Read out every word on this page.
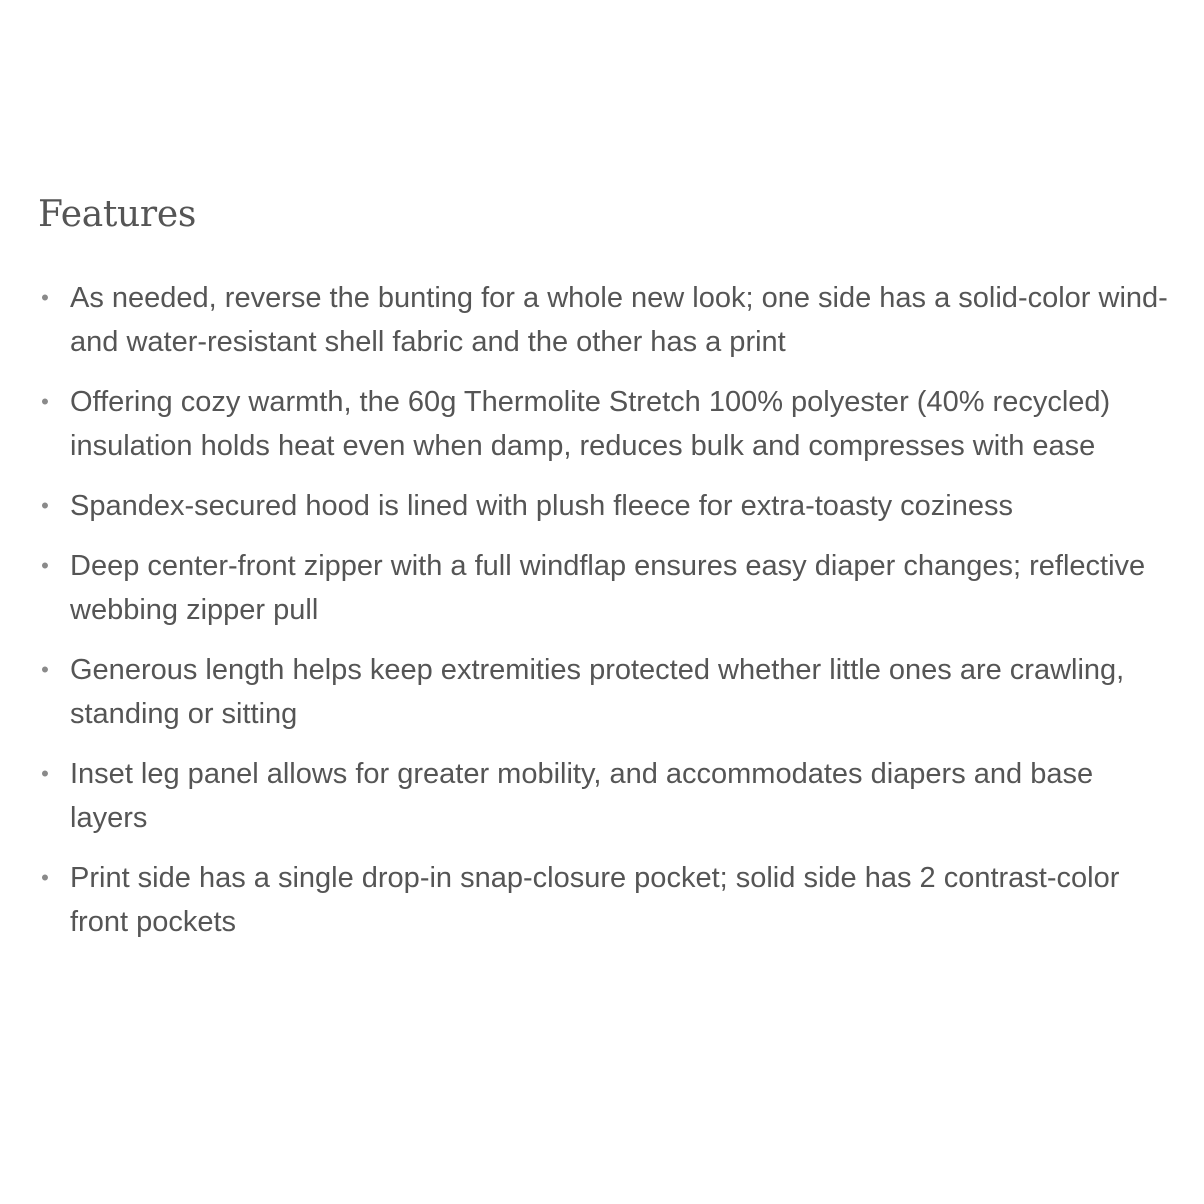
Features
• As needed, reverse the bunting for a whole new look; one side has a solid-color wind- and water-resistant shell fabric and the other has a print
• Offering cozy warmth, the 60g Thermolite Stretch 100% polyester (40% recycled) insulation holds heat even when damp, reduces bulk and compresses with ease
• Spandex-secured hood is lined with plush fleece for extra-toasty coziness
• Deep center-front zipper with a full windflap ensures easy diaper changes; reflective webbing zipper pull
• Generous length helps keep extremities protected whether little ones are crawling, standing or sitting
• Inset leg panel allows for greater mobility, and accommodates diapers and base layers
• Print side has a single drop-in snap-closure pocket; solid side has 2 contrast-color front pockets
